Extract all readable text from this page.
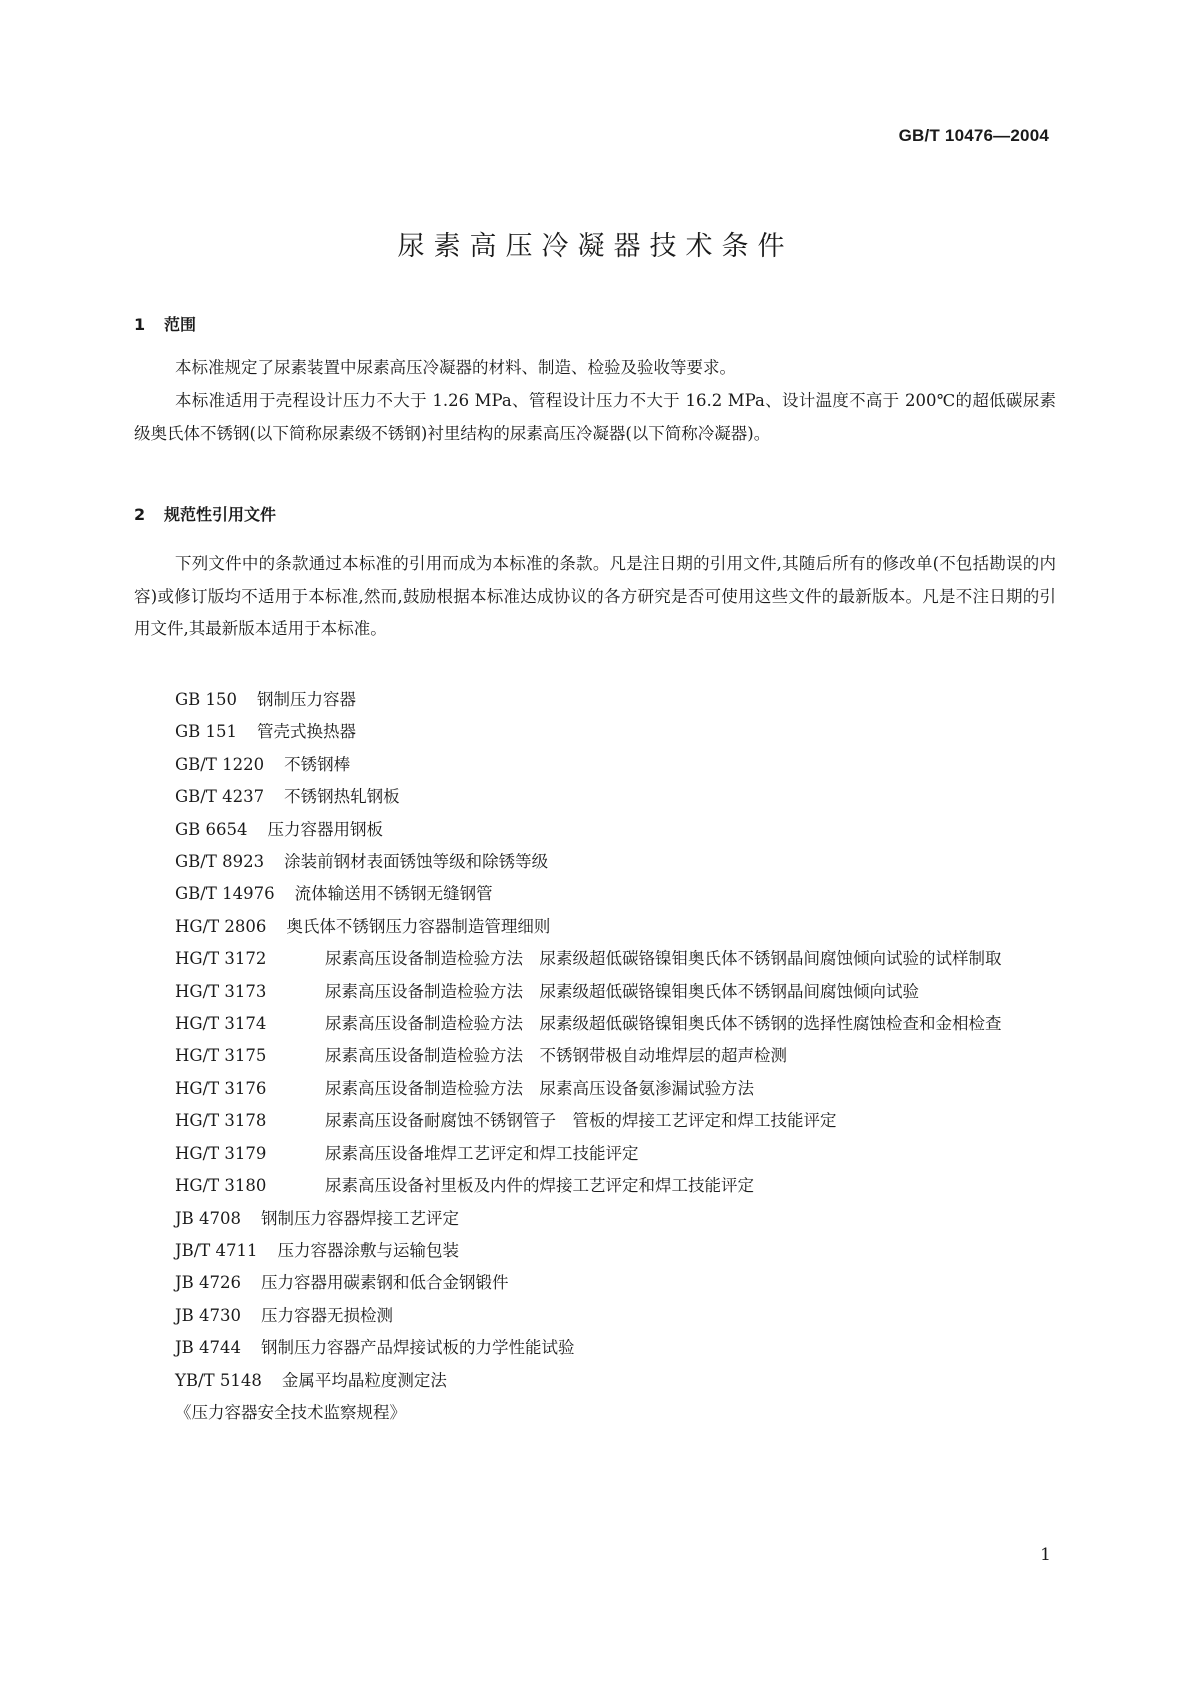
GB/T 10476—2004
尿素高压冷凝器技术条件
1 范围

本标准规定了尿素装置中尿素高压冷凝器的材料、制造、检验及验收等要求。

本标准适用于壳程设计压力不大于 1.26 MPa、管程设计压力不大于 16.2 MPa、设计温度不高于 200℃的超低碳尿素级奥氏体不锈钢(以下简称尿素级不锈钢)衬里结构的尿素高压冷凝器(以下简称冷凝器)。

2 规范性引用文件

下列文件中的条款通过本标准的引用而成为本标准的条款。凡是注日期的引用文件,其随后所有的修改单(不包括勘误的内容)或修订版均不适用于本标准,然而,鼓励根据本标准达成协议的各方研究是否可使用这些文件的最新版本。凡是不注日期的引用文件,其最新版本适用于本标准。

GB 150 钢制压力容器
GB 151 管壳式换热器
GB/T 1220 不锈钢棒
GB/T 4237 不锈钢热轧钢板
GB 6654 压力容器用钢板
GB/T 8923 涂装前钢材表面锈蚀等级和除锈等级
GB/T 14976 流体输送用不锈钢无缝钢管
HG/T 2806 奥氏体不锈钢压力容器制造管理细则
HG/T 3172	尿素高压设备制造检验方法　尿素级超低碳铬镍钼奥氏体不锈钢晶间腐蚀倾向试验的试样制取
HG/T 3173	尿素高压设备制造检验方法　尿素级超低碳铬镍钼奥氏体不锈钢晶间腐蚀倾向试验
HG/T 3174	尿素高压设备制造检验方法　尿素级超低碳铬镍钼奥氏体不锈钢的选择性腐蚀检查和金相检查
HG/T 3175	尿素高压设备制造检验方法　不锈钢带极自动堆焊层的超声检测
HG/T 3176	尿素高压设备制造检验方法　尿素高压设备氨渗漏试验方法
HG/T 3178	尿素高压设备耐腐蚀不锈钢管子　管板的焊接工艺评定和焊工技能评定
HG/T 3179	尿素高压设备堆焊工艺评定和焊工技能评定
HG/T 3180	尿素高压设备衬里板及内件的焊接工艺评定和焊工技能评定
JB 4708 钢制压力容器焊接工艺评定
JB/T 4711 压力容器涂敷与运输包装
JB 4726 压力容器用碳素钢和低合金钢锻件
JB 4730 压力容器无损检测
JB 4744 钢制压力容器产品焊接试板的力学性能试验
YB/T 5148 金属平均晶粒度测定法
《压力容器安全技术监察规程》
1
